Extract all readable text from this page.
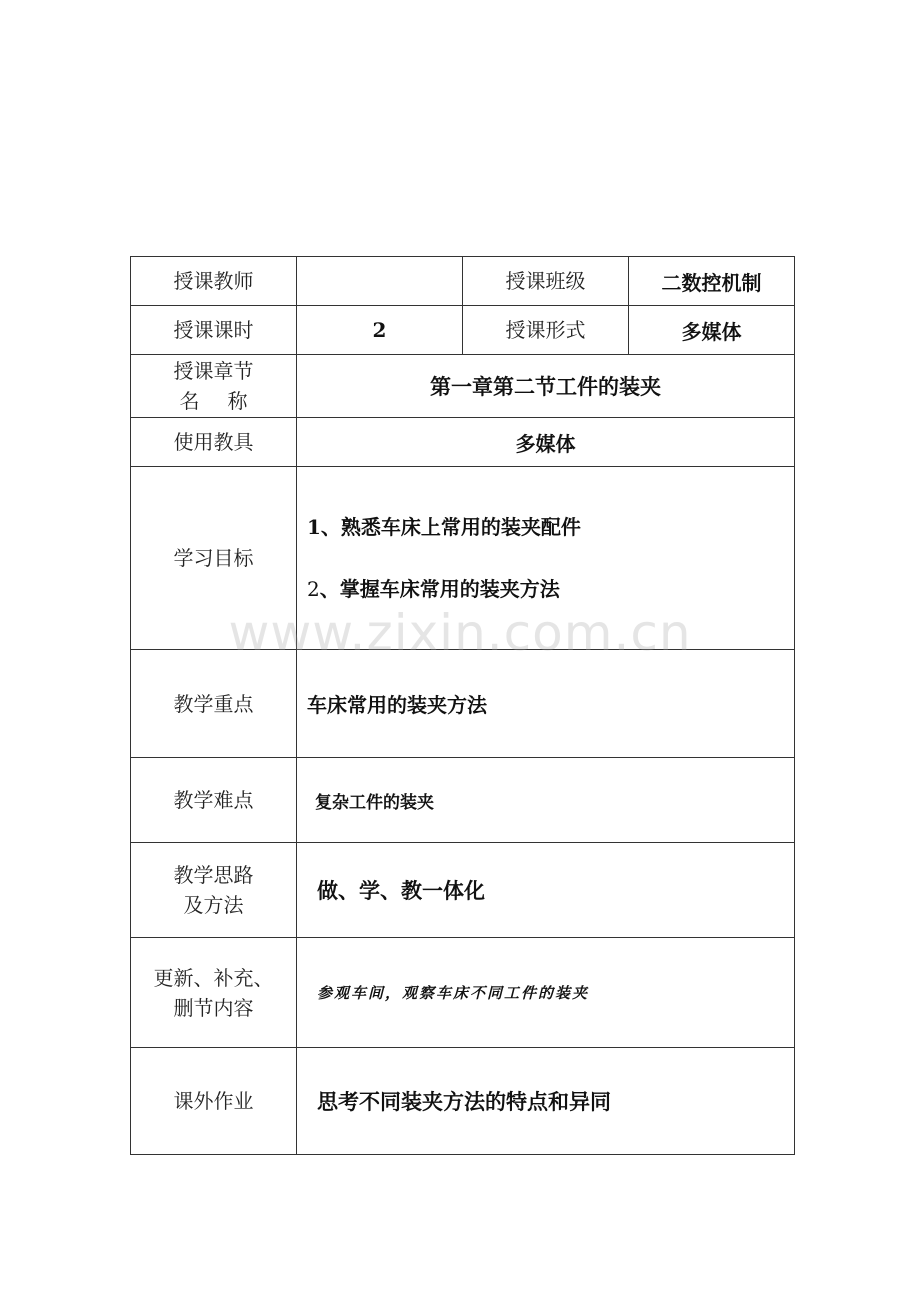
授课教师		授课班级	二数控机制
授课课时	2	授课形式	多媒体

授课章节
名称	第一章第二节工件的装夹		
使用教具	多媒体		
学习目标	1、熟悉车床上常用的装夹配件
2、掌握车床常用的装夹方法		

教学重点	车床常用的装夹方法		
教学难点	复杂工件的装夹		

教学思路
及方法	做、学、教一体化		

更新、补充、
删节内容	参观车间，观察车床不同工件的装夹		
课外作业	思考不同装夹方法的特点和异同		
www.zixin.com.cn
